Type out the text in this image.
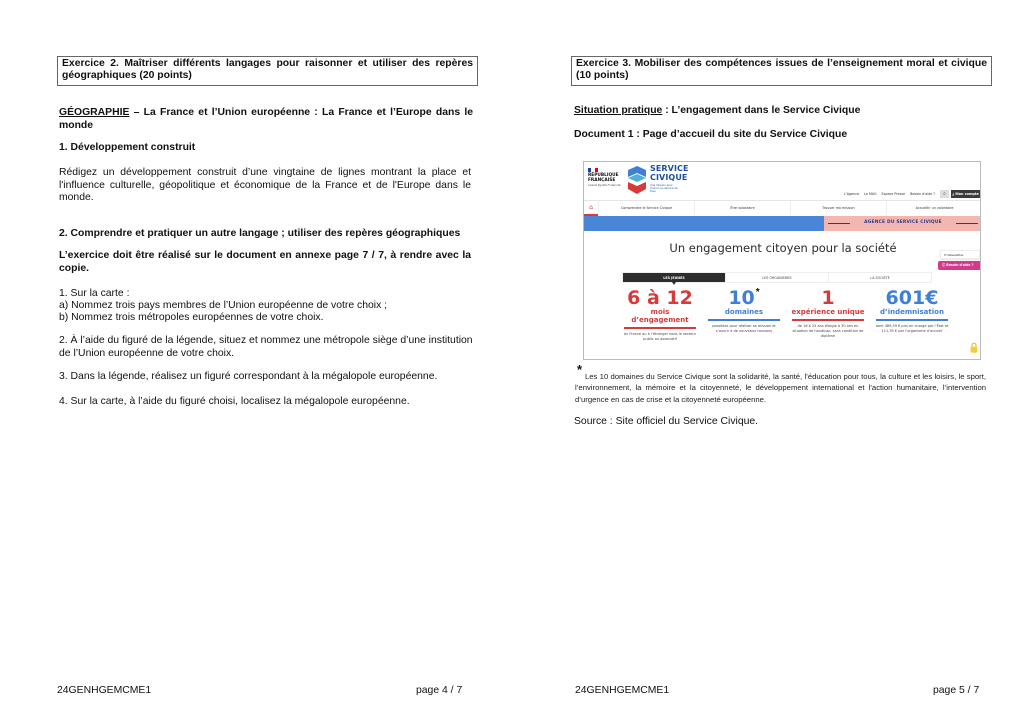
Exercice 2. Maîtriser différents langages pour raisonner et utiliser des repères géographiques (20 points)
GÉOGRAPHIE – La France et l’Union européenne : La France et l’Europe dans le monde
1. Développement construit
Rédigez un développement construit d’une vingtaine de lignes montrant la place et l'influence culturelle, géopolitique et économique de la France et de l'Europe dans le monde.
2. Comprendre et pratiquer un autre langage ; utiliser des repères géographiques
L’exercice doit être réalisé sur le document en annexe page 7 / 7, à rendre avec la copie.
1. Sur la carte :
a) Nommez trois pays membres de l’Union européenne de votre choix ;
b) Nommez trois métropoles européennes de votre choix.
2. À l’aide du figuré de la légende, situez et nommez une métropole siège d’une institution de l’Union européenne de votre choix.
3. Dans la légende, réalisez un figuré correspondant à la mégalopole européenne.
4. Sur la carte, à l’aide du figuré choisi, localisez la mégalopole européenne.
24GENHGEMCME1	page 4 / 7
Exercice 3. Mobiliser des compétences issues de l’enseignement moral et civique (10 points)
Situation pratique : L’engagement dans le Service Civique
Document 1 : Page d’accueil du site du Service Civique
24GENHGEMCME1	page 5 / 7
RÉPUBLIQUE FRANÇAISE
Liberté Égalité Fraternité
SERVICE
CIVIQUE
Une mission pour chacun au service de tous
L'Agence Le MAG Espace Presse Besoin d'aide ?	⌕	⍊ Mon compte
⌂	Comprendre le Service Civique	Être volontaire	Trouver ma mission	Accueillir un volontaire
AGENCE DU SERVICE CIVIQUE
Un engagement citoyen pour la société	✉ Newsletter
ⓘ Besoin d'aide ?
LES JEUNES	LES ORGANISMES	LA SOCIÉTÉ
6 à 12
mois
d’engagement
en France ou à l’étranger dans le secteur public ou associatif
10*
domaines
possibles pour réaliser sa mission et s’ouvrir à de nouveaux horizons
1
expérience unique
de 16 à 25 ans élargie à 30 ans en situation de handicap, sans condition de diplôme
601€
d’indemnisation
dont 489,59 € pris en charge par l’État et 111,35 € par l’organisme d’accueil
* Les 10 domaines du Service Civique sont la solidarité, la santé, l’éducation pour tous, la culture et les loisirs, le sport, l’environnement, la mémoire et la citoyenneté, le développement international et l’action humanitaire, l’intervention d’urgence en cas de crise et la citoyenneté européenne.
Source : Site officiel du Service Civique.
